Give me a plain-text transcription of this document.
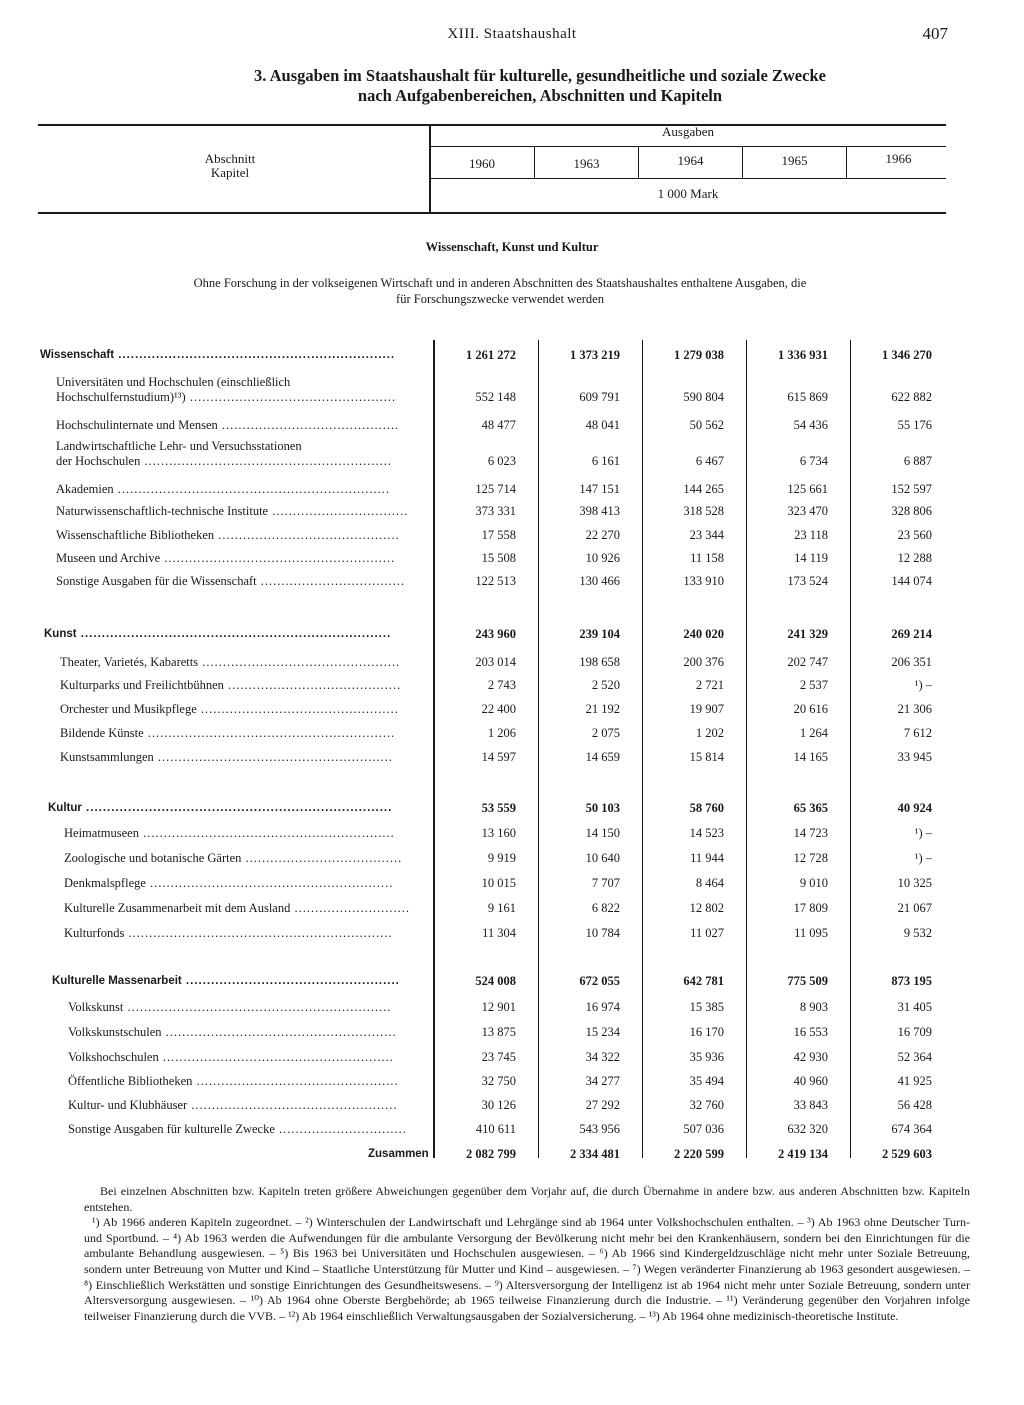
XIII. Staatshaushalt	407
3. Ausgaben im Staatshaushalt für kulturelle, gesundheitliche und soziale Zwecke
nach Aufgabenbereichen, Abschnitten und Kapiteln
Abschnitt
Kapitel
Ausgaben
1960	1963	1964	1965	1966
1 000 Mark
Wissenschaft, Kunst und Kultur
Ohne Forschung in der volkseigenen Wirtschaft und in anderen Abschnitten des Staatshaushaltes enthaltene Ausgaben, die
für Forschungszwecke verwendet werden
Wissenschaft ..................................................................	1 261 272	1 373 219	1 279 038	1 336 931	1 346 270
Universitäten und Hochschulen (einschließlich
Hochschulfernstudium)¹³) ..................................................	552 148	609 791	590 804	615 869	622 882
Hochschulinternate und Mensen ...........................................	48 477	48 041	50 562	54 436	55 176
Landwirtschaftliche Lehr- und Versuchsstationen
der Hochschulen ............................................................	6 023	6 161	6 467	6 734	6 887
Akademien ..................................................................	125 714	147 151	144 265	125 661	152 597
Naturwissenschaftlich-technische Institute .................................	373 331	398 413	318 528	323 470	328 806
Wissenschaftliche Bibliotheken ............................................	17 558	22 270	23 344	23 118	23 560
Museen und Archive ........................................................	15 508	10 926	11 158	14 119	12 288
Sonstige Ausgaben für die Wissenschaft ...................................	122 513	130 466	133 910	173 524	144 074
Kunst ..........................................................................	243 960	239 104	240 020	241 329	269 214
Theater, Varietés, Kabaretts ................................................	203 014	198 658	200 376	202 747	206 351
Kulturparks und Freilichtbühnen ..........................................	2 743	2 520	2 721	2 537	¹) –
Orchester und Musikpflege ................................................	22 400	21 192	19 907	20 616	21 306
Bildende Künste ............................................................	1 206	2 075	1 202	1 264	7 612
Kunstsammlungen .........................................................	14 597	14 659	15 814	14 165	33 945
Kultur .........................................................................	53 559	50 103	58 760	65 365	40 924
Heimatmuseen .............................................................	13 160	14 150	14 523	14 723	¹) –
Zoologische und botanische Gärten ......................................	9 919	10 640	11 944	12 728	¹) –
Denkmalspflege ...........................................................	10 015	7 707	8 464	9 010	10 325
Kulturelle Zusammenarbeit mit dem Ausland ............................	9 161	6 822	12 802	17 809	21 067
Kulturfonds ................................................................	11 304	10 784	11 027	11 095	9 532
Kulturelle Massenarbeit ...................................................	524 008	672 055	642 781	775 509	873 195
Volkskunst ................................................................	12 901	16 974	15 385	8 903	31 405
Volkskunstschulen ........................................................	13 875	15 234	16 170	16 553	16 709
Volkshochschulen ........................................................	23 745	34 322	35 936	42 930	52 364
Öffentliche Bibliotheken .................................................	32 750	34 277	35 494	40 960	41 925
Kultur- und Klubhäuser ..................................................	30 126	27 292	32 760	33 843	56 428
Sonstige Ausgaben für kulturelle Zwecke ...............................	410 611	543 956	507 036	632 320	674 364
Zusammen	2 082 799	2 334 481	2 220 599	2 419 134	2 529 603

Bei einzelnen Abschnitten bzw. Kapiteln treten größere Abweichungen gegenüber dem Vorjahr auf, die durch Übernahme in andere bzw. aus anderen Abschnitten bzw. Kapiteln entstehen.

¹) Ab 1966 anderen Kapiteln zugeordnet. – ²) Winterschulen der Landwirtschaft und Lehrgänge sind ab 1964 unter Volkshochschulen enthalten. – ³) Ab 1963 ohne Deutscher Turn- und Sportbund. – ⁴) Ab 1963 werden die Aufwendungen für die ambulante Versorgung der Bevölkerung nicht mehr bei den Krankenhäusern, sondern bei den Einrichtungen für die ambulante Behandlung ausgewiesen. – ⁵) Bis 1963 bei Universitäten und Hochschulen ausgewiesen. – ⁶) Ab 1966 sind Kindergeldzuschläge nicht mehr unter Soziale Betreuung, sondern unter Betreuung von Mutter und Kind – Staatliche Unterstützung für Mutter und Kind – ausgewiesen. – ⁷) Wegen veränderter Finanzierung ab 1963 gesondert ausgewiesen. – ⁸) Einschließlich Werkstätten und sonstige Einrichtungen des Gesundheitswesens. – ⁹) Altersversorgung der Intelligenz ist ab 1964 nicht mehr unter Soziale Betreuung, sondern unter Altersversorgung ausgewiesen. – ¹⁰) Ab 1964 ohne Oberste Bergbehörde; ab 1965 teilweise Finanzierung durch die Industrie. – ¹¹) Veränderung gegenüber den Vorjahren infolge teilweiser Finanzierung durch die VVB. – ¹²) Ab 1964 einschließlich Verwaltungsausgaben der Sozialversicherung. – ¹³) Ab 1964 ohne medizinisch-theoretische Institute.
